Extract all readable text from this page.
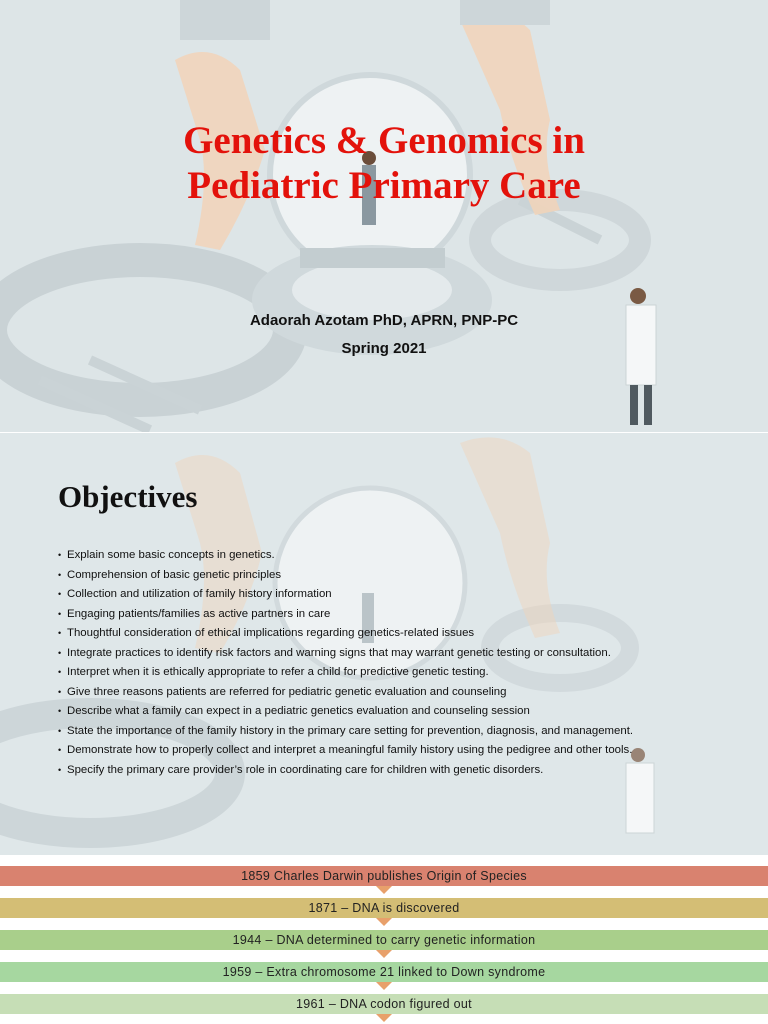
Genetics & Genomics in
Pediatric Primary Care
Adaorah Azotam PhD, APRN, PNP-PC
Spring 2021
Objectives
• Explain some basic concepts in genetics.
• Comprehension of basic genetic principles
• Collection and utilization of family history information
• Engaging patients/families as active partners in care
• Thoughtful consideration of ethical implications regarding genetics-related issues
• Integrate practices to identify risk factors and warning signs that may warrant genetic testing or consultation.
• Interpret when it is ethically appropriate to refer a child for predictive genetic testing.
• Give three reasons patients are referred for pediatric genetic evaluation and counseling
• Describe what a family can expect in a pediatric genetics evaluation and counseling session
• State the importance of the family history in the primary care setting for prevention, diagnosis, and management.
• Demonstrate how to properly collect and interpret a meaningful family history using the pedigree and other tools.
• Specify the primary care provider’s role in coordinating care for children with genetic disorders.
1859 Charles Darwin publishes Origin of Species
1871 – DNA is discovered
1944 – DNA determined to carry genetic information
1959 – Extra chromosome 21 linked to Down syndrome
1961 – DNA codon figured out
